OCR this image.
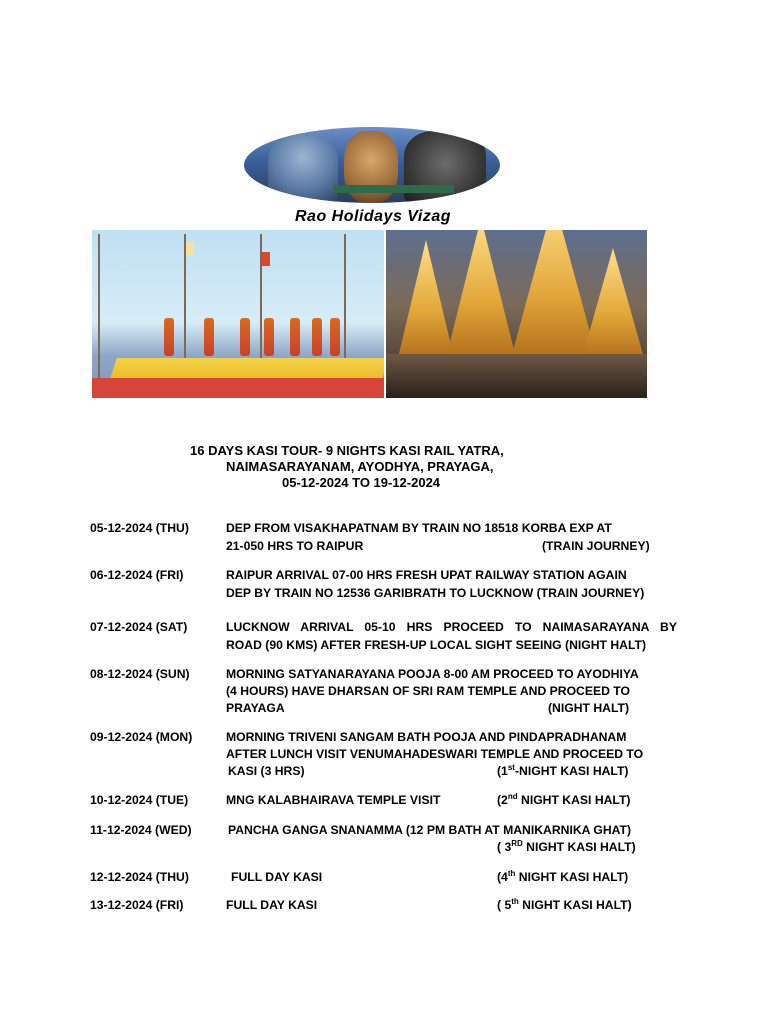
Rao Holidays Vizag
16 DAYS KASI TOUR- 9 NIGHTS KASI RAIL YATRA,
NAIMASARAYANAM, AYODHYA, PRAYAGA,
05-12-2024 TO 19-12-2024
05-12-2024 (THU)	DEP FROM VISAKHAPATNAM BY TRAIN NO 18518 KORBA EXP AT
21-050 HRS TO RAIPUR	(TRAIN JOURNEY)
06-12-2024 (FRI)	RAIPUR ARRIVAL 07-00 HRS FRESH UPAT RAILWAY STATION AGAIN
DEP BY TRAIN NO 12536 GARIBRATH TO LUCKNOW (TRAIN JOURNEY)
07-12-2024 (SAT)	LUCKNOW ARRIVAL 05-10 HRS PROCEED TO NAIMASARAYANA BY
ROAD (90 KMS) AFTER FRESH-UP LOCAL SIGHT SEEING (NIGHT HALT)
08-12-2024 (SUN)	MORNING SATYANARAYANA POOJA 8-00 AM PROCEED TO AYODHIYA
(4 HOURS) HAVE DHARSAN OF SRI RAM TEMPLE AND PROCEED TO
PRAYAGA	(NIGHT HALT)
09-12-2024 (MON)	MORNING TRIVENI SANGAM BATH POOJA AND PINDAPRADHANAM
AFTER LUNCH VISIT VENUMAHADESWARI TEMPLE AND PROCEED TO
KASI (3 HRS)	(1st-NIGHT KASI HALT)
10-12-2024 (TUE)	MNG KALABHAIRAVA TEMPLE VISIT	(2nd NIGHT KASI HALT)
11-12-2024 (WED)	PANCHA GANGA SNANAMMA (12 PM BATH AT MANIKARNIKA GHAT)
( 3RD NIGHT KASI HALT)
12-12-2024 (THU)	FULL DAY KASI	(4th NIGHT KASI HALT)
13-12-2024 (FRI)	FULL DAY KASI	( 5th NIGHT KASI HALT)
